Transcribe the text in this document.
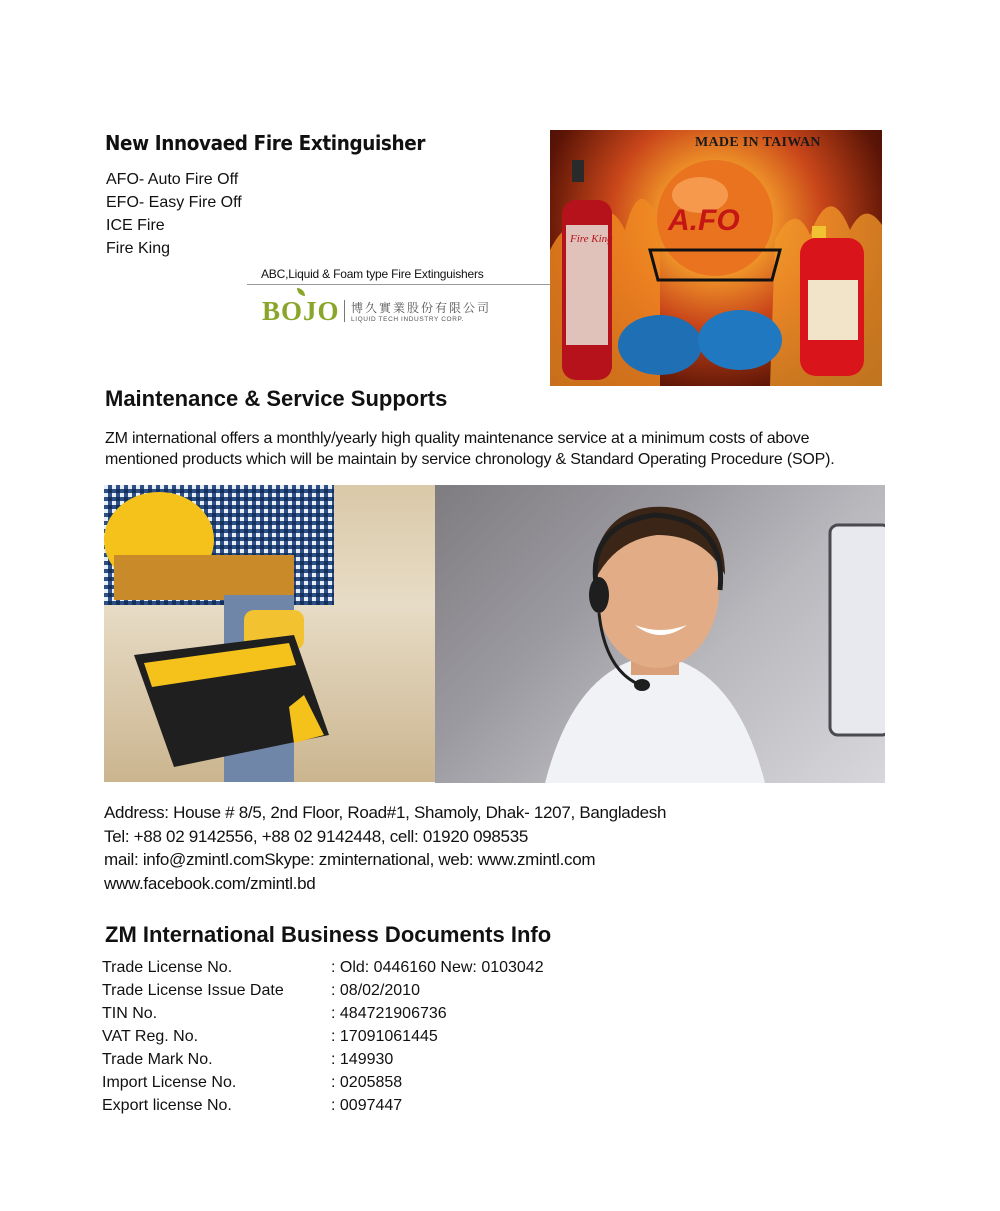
New Innovaed Fire Extinguisher
AFO- Auto Fire Off
EFO- Easy Fire Off
ICE Fire
Fire King
ABC,Liquid & Foam type Fire Extinguishers
BOJO 博久實業股份有限公司
LIQUID TECH INDUSTRY CORP.
Fire King
A.FO
MADE IN TAIWAN
Maintenance & Service Supports
ZM international offers a monthly/yearly high quality maintenance service at a minimum costs of above
mentioned products which will be maintain by service chronology & Standard Operating Procedure (SOP).
Address: House # 8/5, 2nd Floor, Road#1, Shamoly, Dhak- 1207, Bangladesh
Tel: +88 02 9142556, +88 02 9142448, cell: 01920 098535
mail: info@zmintl.comSkype: zminternational, web: www.zmintl.com
www.facebook.com/zmintl.bd
ZM International Business Documents Info
Trade License No.	: Old: 0446160 New: 0103042
Trade License Issue Date	: 08/02/2010
TIN No.	: 484721906736
VAT Reg. No.	: 17091061445
Trade Mark No.	: 149930
Import License No.	: 0205858
Export license No.	: 0097447
